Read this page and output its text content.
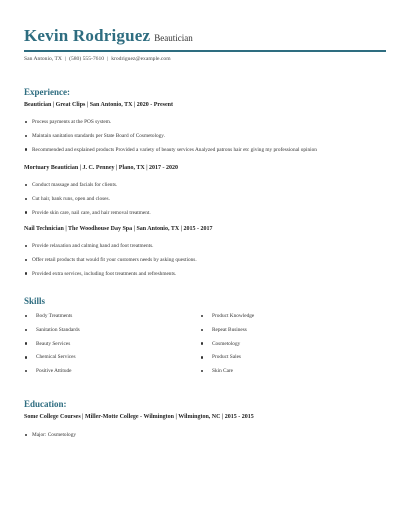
Kevin Rodriguez Beautician
San Antonio, TX | (580) 555-7610 | krodriguez@example.com
Experience:
Beautician | Great Clips | San Antonio, TX | 2020 - Present
Process payments at the POS system.
Maintain sanitation standards per State Board of Cosmetology.
Recommended and explained products Provided a variety of beauty services Analyzed patrons hair etc giving my professional opinion
Mortuary Beautician | J. C. Penney | Plano, TX | 2017 - 2020
Conduct massage and facials for clients.
Cut hair, bank runs, open and closes.
Provide skin care, nail care, and hair removal treatment.
Nail Technician | The Woodhouse Day Spa | San Antonio, TX | 2015 - 2017
Provide relaxation and calming hand and foot treatments.
Offer retail products that would fit your customers needs by asking questions.
Provided extra services, including foot treatments and refreshments.
Skills
Body Treatments
Sanitation Standards
Beauty Services
Chemical Services
Positive Attitude
Product Knowledge
Repeat Business
Cosmetology
Product Sales
Skin Care
Education:
Some College Courses | Miller-Motte College - Wilmington | Wilmington, NC | 2015 - 2015
Major: Cosmetology
